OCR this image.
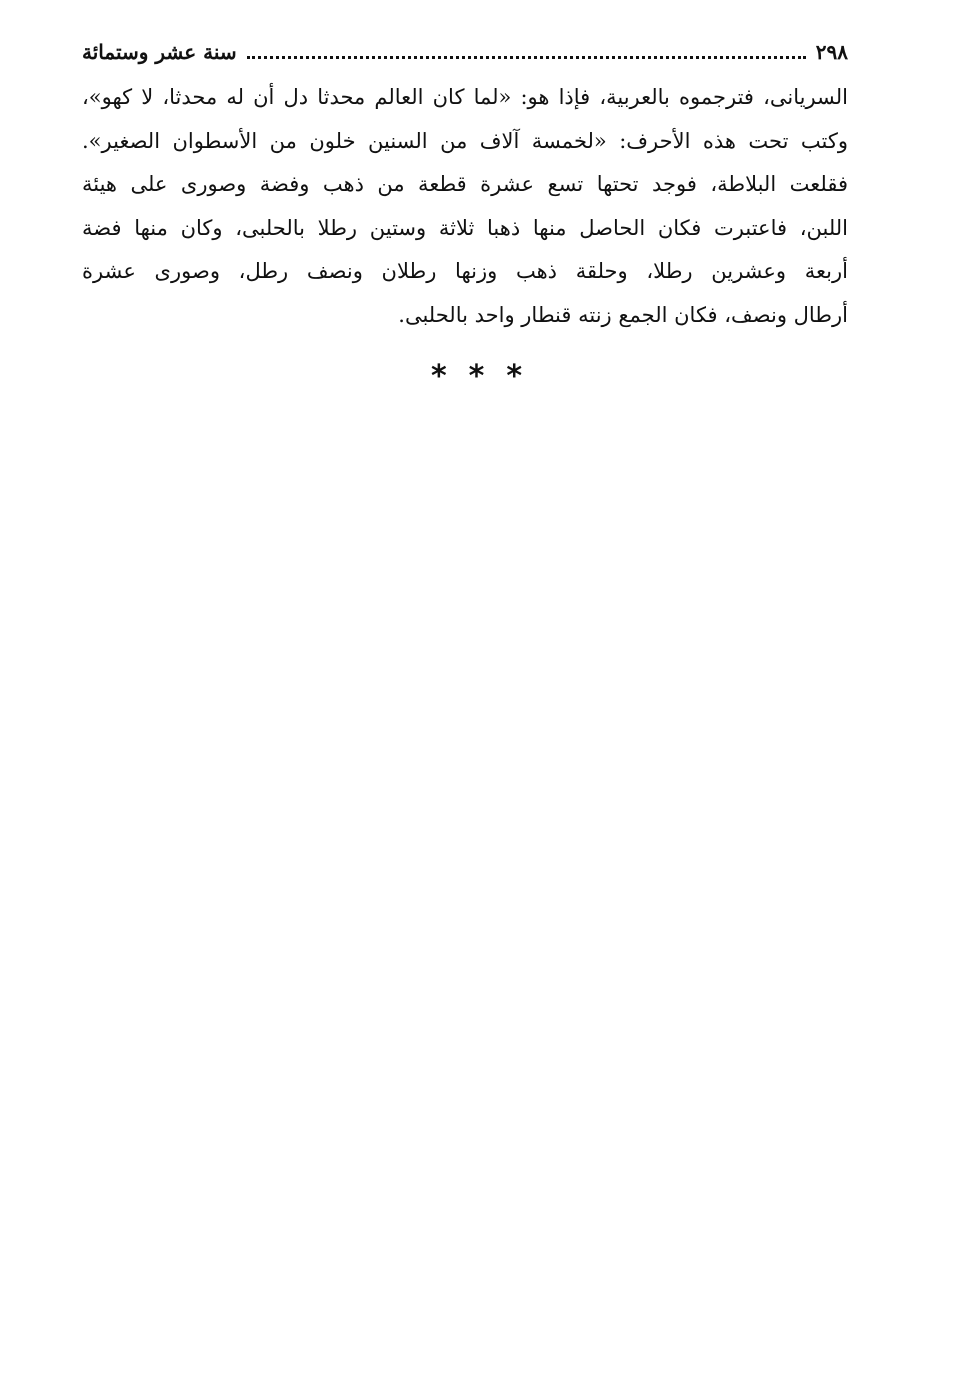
٢٩٨
سنة عشر وستمائة
السريانى، فترجموه بالعربية، فإذا هو: «لما كان العالم محدثا دل أن له محدثا، لا كهو»،
وكتب تحت هذه الأحرف: «لخمسة آلاف من السنين خلون من الأسطوان الصغير».
فقلعت البلاطة، فوجد تحتها تسع عشرة قطعة من ذهب وفضة وصورى على هيئة
اللبن، فاعتبرت فكان الحاصل منها ذهبا ثلاثة وستين رطلا بالحلبى، وكان منها فضة
أربعة وعشرين رطلا، وحلقة ذهب وزنها رطلان ونصف رطل، وصورى عشرة
أرطال ونصف، فكان الجمع زنته قنطار واحد بالحلبى.
***
